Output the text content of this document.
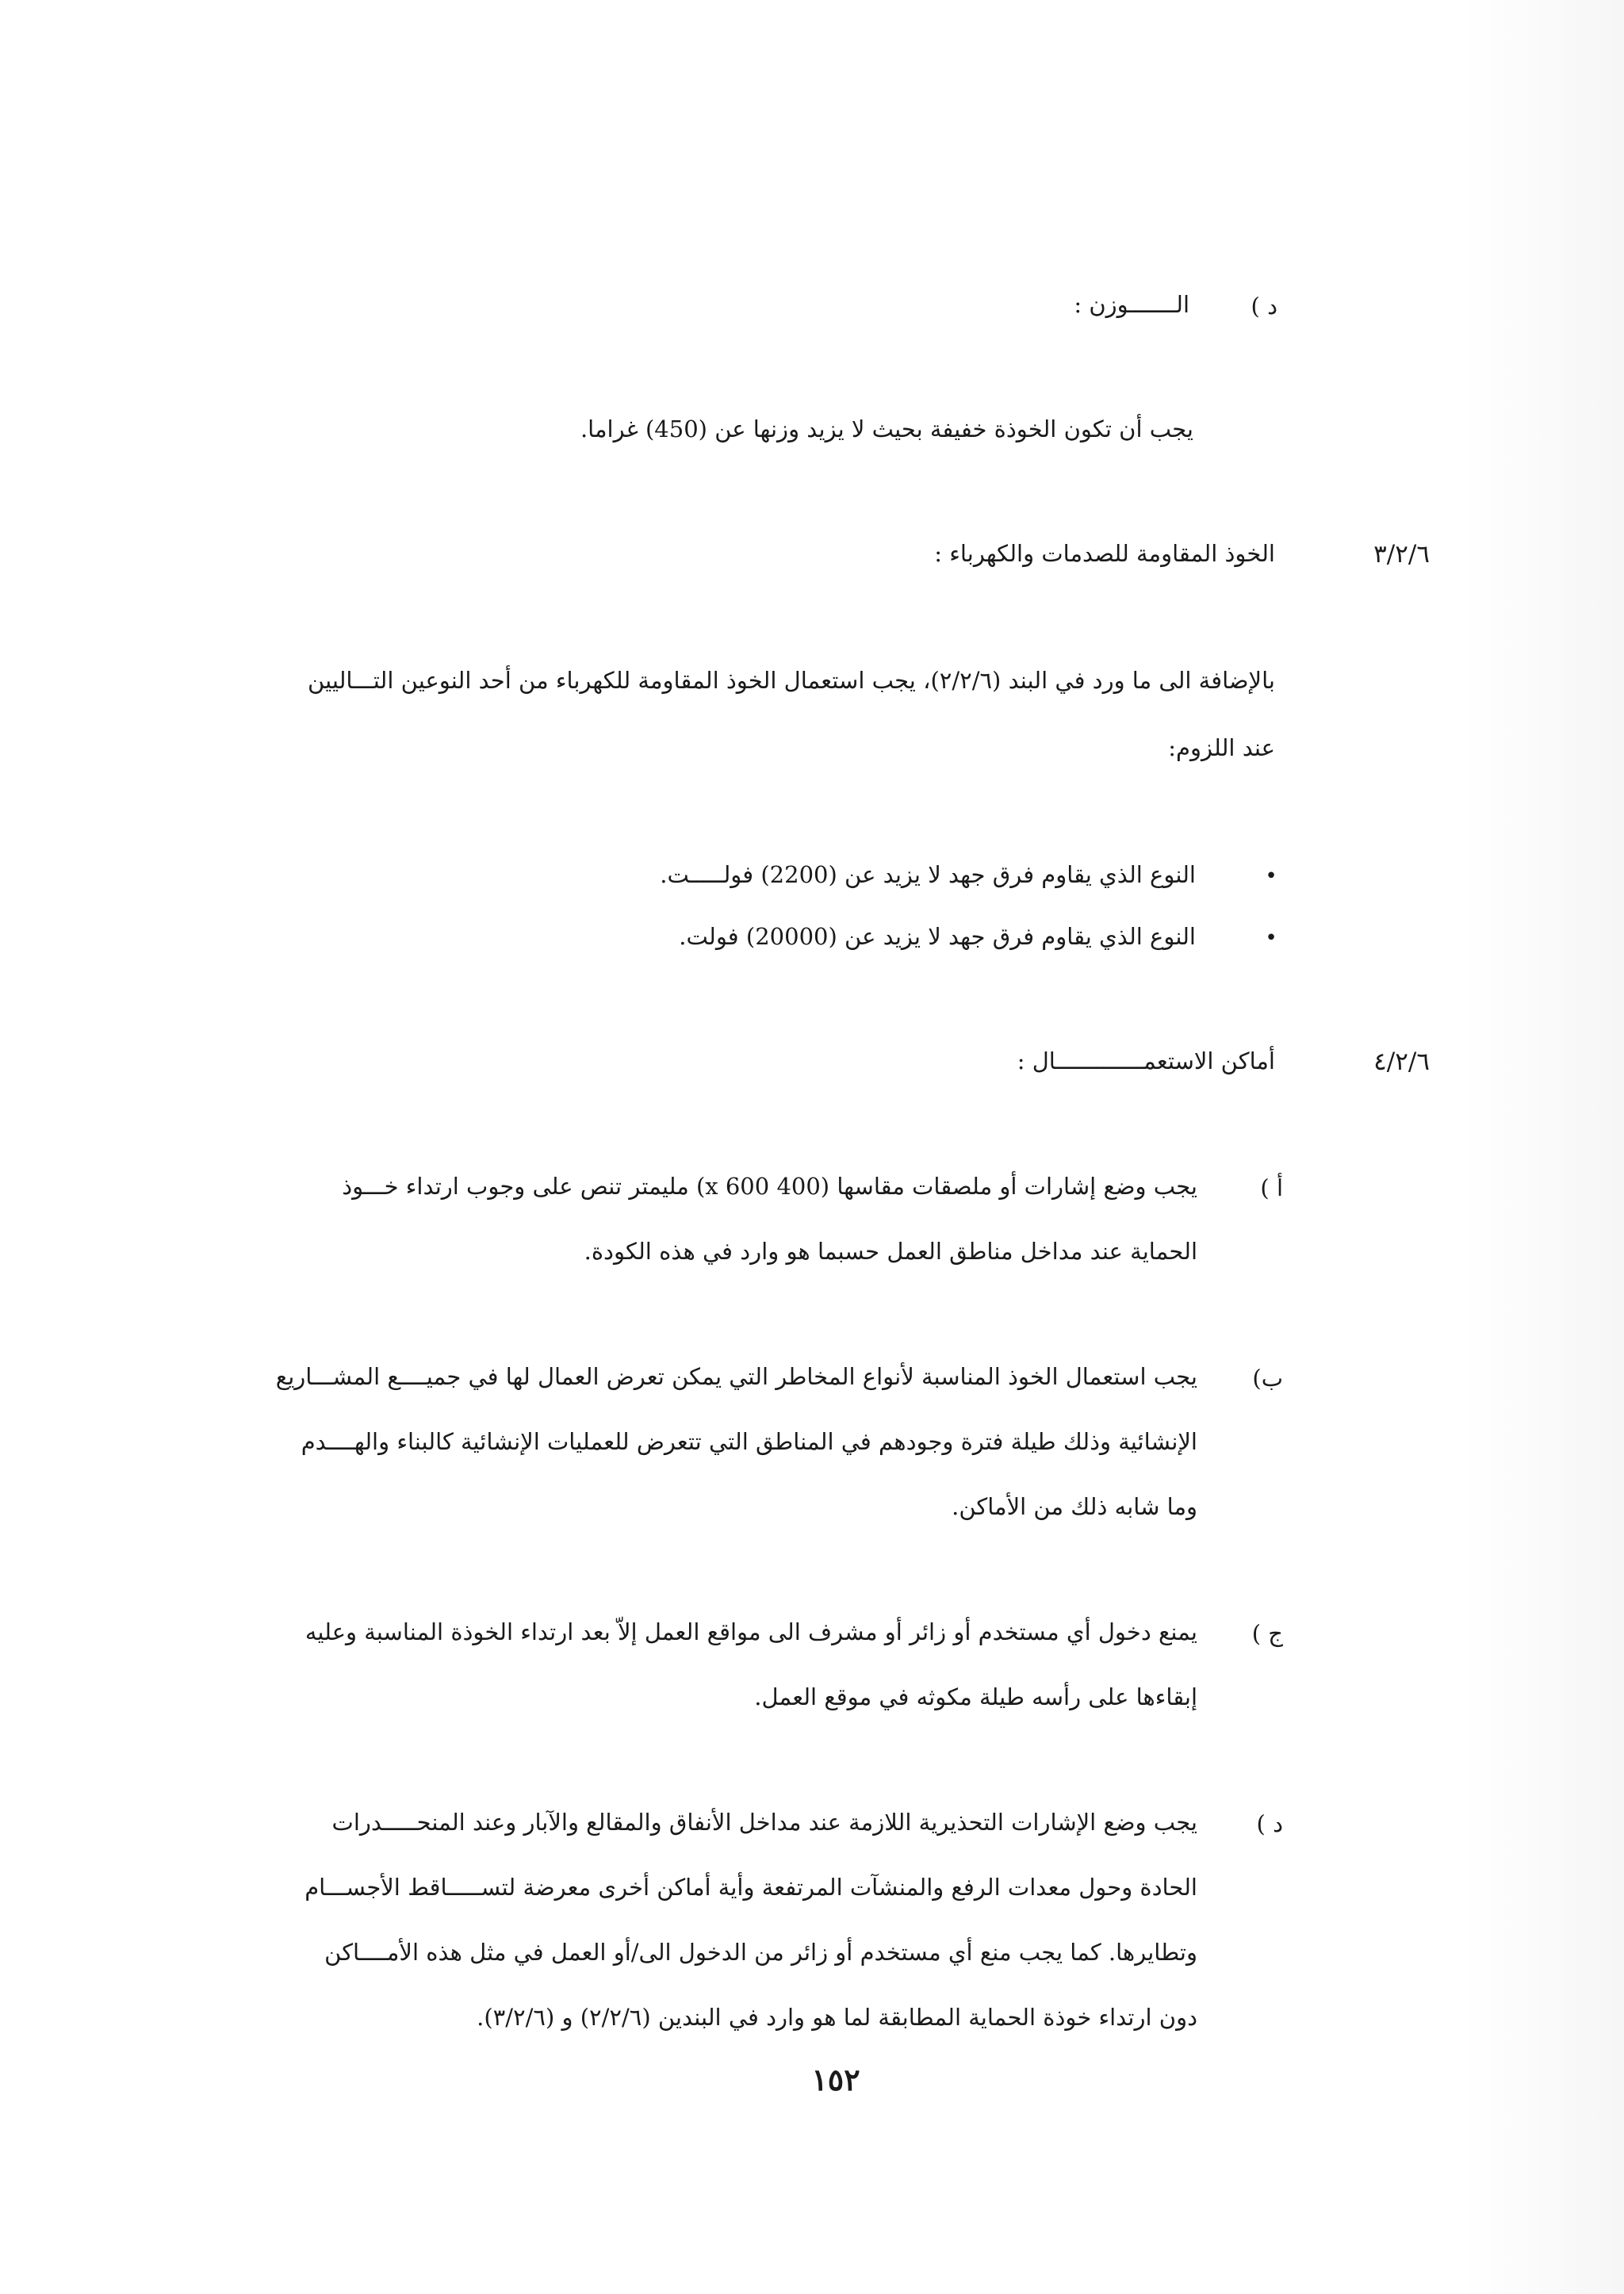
د )
الـــــــوزن :
يجب أن تكون الخوذة خفيفة بحيث لا يزيد وزنها عن (450) غراما.
٣/٢/٦
الخوذ المقاومة للصدمات والكهرباء :
بالإضافة الى ما ورد في البند (٢/٢/٦)، يجب استعمال الخوذ المقاومة للكهرباء من أحد النوعين التـــاليين
عند اللزوم:
•
النوع الذي يقاوم فرق جهد لا يزيد عن (2200) فولـــــت.
•
النوع الذي يقاوم فرق جهد لا يزيد عن (20000) فولت.
٤/٢/٦
أماكن الاستعمـــــــــــــال :
أ )
يجب وضع إشارات أو ملصقات مقاسها (400 x 600) مليمتر تنص على وجوب ارتداء خـــوذ
الحماية عند مداخل مناطق العمل حسبما هو وارد في هذه الكودة.
ب)
يجب استعمال الخوذ المناسبة لأنواع المخاطر التي يمكن تعرض العمال لها في جميــــع المشـــاريع
الإنشائية وذلك طيلة فترة وجودهم في المناطق التي تتعرض للعمليات الإنشائية كالبناء والهــــدم
وما شابه ذلك من الأماكن.
ج )
يمنع دخول أي مستخدم أو زائر أو مشرف الى مواقع العمل إلاّ بعد ارتداء الخوذة المناسبة وعليه
إبقاءها على رأسه طيلة مكوثه في موقع العمل.
د )
يجب وضع الإشارات التحذيرية اللازمة عند مداخل الأنفاق والمقالع والآبار وعند المنحـــــدرات
الحادة وحول معدات الرفع والمنشآت المرتفعة وأية أماكن أخرى معرضة لتســـــاقط الأجســـام
وتطايرها. كما يجب منع أي مستخدم أو زائر من الدخول الى/أو العمل في مثل هذه الأمــــاكن
دون ارتداء خوذة الحماية المطابقة لما هو وارد في البندين (٢/٢/٦) و (٣/٢/٦).
١٥٢
